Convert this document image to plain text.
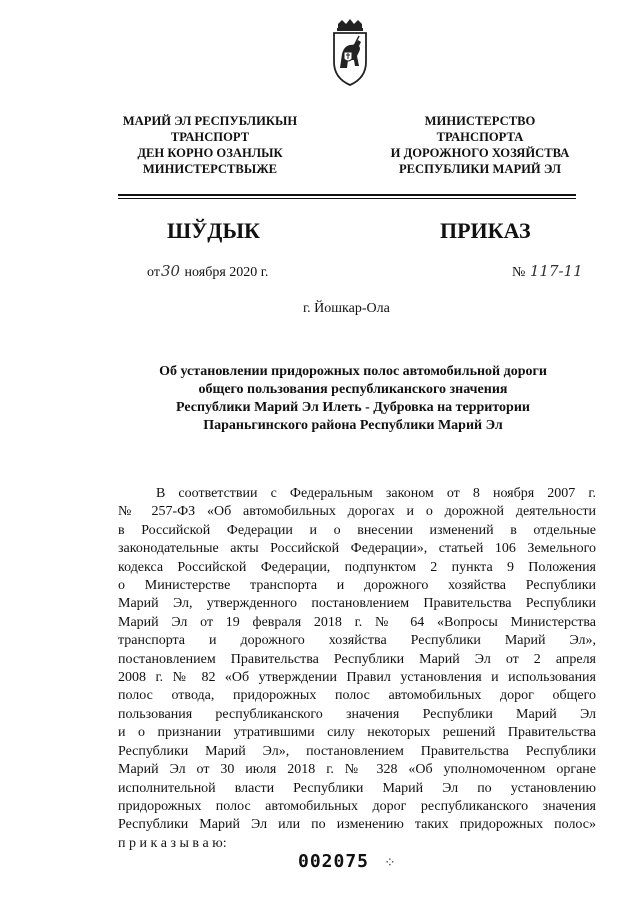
МАРИЙ ЭЛ РЕСПУБЛИКЫН
ТРАНСПОРТ
ДЕН КОРНО ОЗАНЛЫК
МИНИСТЕРСТВЫЖЕ
МИНИСТЕРСТВО
ТРАНСПОРТА
И ДОРОЖНОГО ХОЗЯЙСТВА
РЕСПУБЛИКИ МАРИЙ ЭЛ
ШЎДЫК	ПРИКАЗ
от30 ноября 2020 г.	№ 117-11
г. Йошкар-Ола
Об установлении придорожных полос автомобильной дороги
общего пользования республиканского значения
Республики Марий Эл Илеть - Дубровка на территории
Параньгинского района Республики Марий Эл
В соответствии с Федеральным законом от 8 ноября 2007 г.
№ 257-ФЗ «Об автомобильных дорогах и о дорожной деятельности
в Российской Федерации и о внесении изменений в отдельные
законодательные акты Российской Федерации», статьей 106 Земельного
кодекса Российской Федерации, подпунктом 2 пункта 9 Положения
о Министерстве транспорта и дорожного хозяйства Республики
Марий Эл, утвержденного постановлением Правительства Республики
Марий Эл от 19 февраля 2018 г. № 64 «Вопросы Министерства
транспорта и дорожного хозяйства Республики Марий Эл»,
постановлением Правительства Республики Марий Эл от 2 апреля
2008 г. № 82 «Об утверждении Правил установления и использования
полос отвода, придорожных полос автомобильных дорог общего
пользования республиканского значения Республики Марий Эл
и о признании утратившими силу некоторых решений Правительства
Республики Марий Эл», постановлением Правительства Республики
Марий Эл от 30 июля 2018 г. № 328 «Об уполномоченном органе
исполнительной власти Республики Марий Эл по установлению
придорожных полос автомобильных дорог республиканского значения
Республики Марий Эл или по изменению таких придорожных полос»
п р и к а з ы в а ю:
002075 ⁘
